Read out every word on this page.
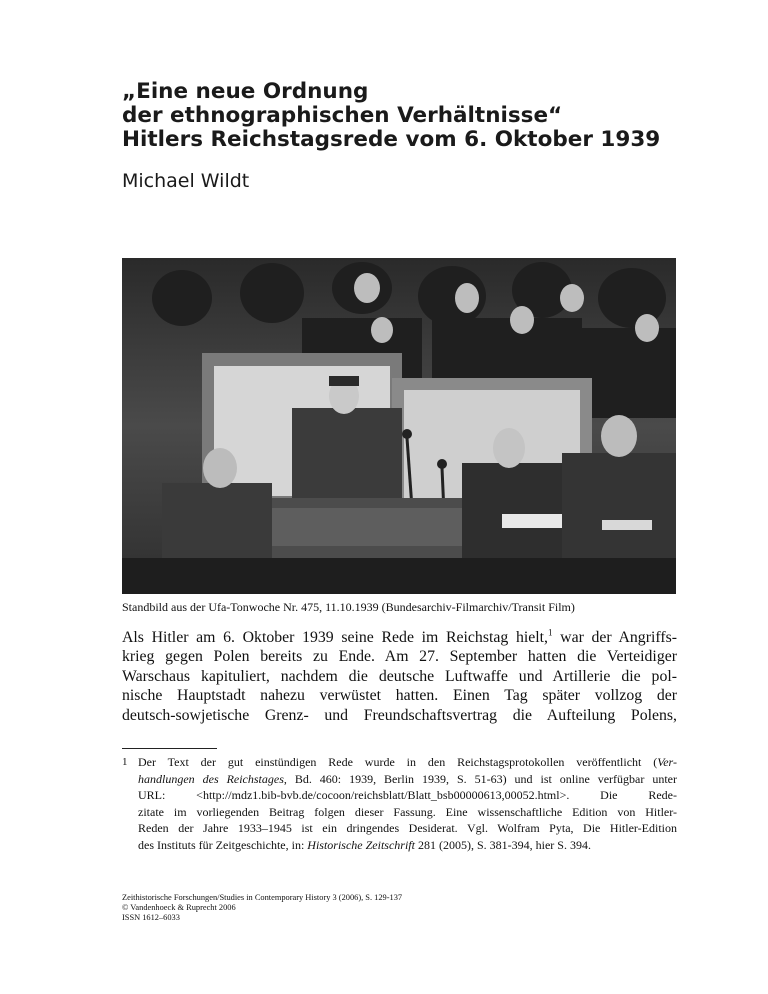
„Eine neue Ordnung
der ethnographischen Verhältnisse“
Hitlers Reichstagsrede vom 6. Oktober 1939

Michael Wildt

Standbild aus der Ufa-Tonwoche Nr. 475, 11.10.1939 (Bundesarchiv-Filmarchiv/Transit Film)

Als Hitler am 6. Oktober 1939 seine Rede im Reichstag hielt,$^1$ war der Angriffs-
krieg gegen Polen bereits zu Ende. Am 27. September hatten die Verteidiger
Warschaus kapituliert, nachdem die deutsche Luftwaffe und Artillerie die pol-
nische Hauptstadt nahezu verwüstet hatten. Einen Tag später vollzog der
deutsch-sowjetische Grenz- und Freundschaftsvertrag die Aufteilung Polens,
1 Der Text der gut einstündigen Rede wurde in den Reichstagsprotokollen veröffentlicht (Ver-
handlungen des Reichstages, Bd. 460: 1939, Berlin 1939, S. 51-63) und ist online verfügbar unter
URL: <http://mdz1.bib-bvb.de/cocoon/reichsblatt/Blatt_bsb00000613,00052.html>. Die Rede-
zitate im vorliegenden Beitrag folgen dieser Fassung. Eine wissenschaftliche Edition von Hitler-
Reden der Jahre 1933–1945 ist ein dringendes Desiderat. Vgl. Wolfram Pyta, Die Hitler-Edition
des Instituts für Zeitgeschichte, in: Historische Zeitschrift 281 (2005), S. 381-394, hier S. 394.
Zeithistorische Forschungen/Studies in Contemporary History 3 (2006), S. 129-137
© Vandenhoeck & Ruprecht 2006
ISSN 1612–6033
